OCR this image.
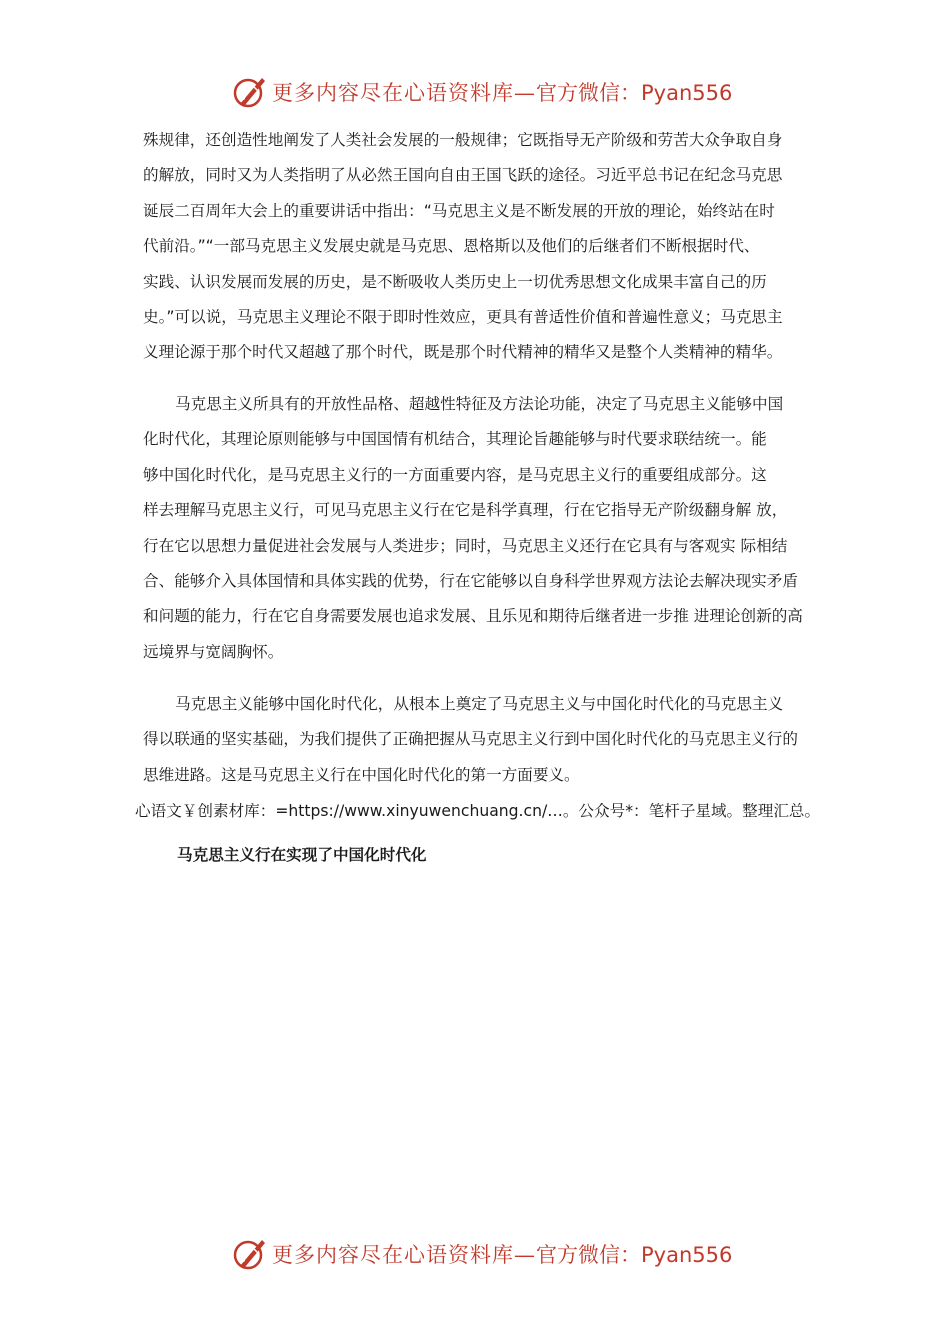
更多内容尽在心语资料库—官方微信：Pyan556
殊规律，还创造性地阐发了人类社会发展的一般规律；它既指导无产阶级和劳苦大众争取自身
的解放，同时又为人类指明了从必然王国向自由王国飞跃的途径。习近平总书记在纪念马克思
诞辰二百周年大会上的重要讲话中指出：“马克思主义是不断发展的开放的理论，始终站在时
代前沿。”“一部马克思主义发展史就是马克思、恩格斯以及他们的后继者们不断根据时代、
实践、认识发展而发展的历史，是不断吸收人类历史上一切优秀思想文化成果丰富自己的历
史。”可以说，马克思主义理论不限于即时性效应，更具有普适性价值和普遍性意义；马克思主
义理论源于那个时代又超越了那个时代，既是那个时代精神的精华又是整个人类精神的精华。
马克思主义所具有的开放性品格、超越性特征及方法论功能，决定了马克思主义能够中国
化时代化，其理论原则能够与中国国情有机结合，其理论旨趣能够与时代要求联结统一。能
够中国化时代化，是马克思主义行的一方面重要内容，是马克思主义行的重要组成部分。这
样去理解马克思主义行，可见马克思主义行在它是科学真理，行在它指导无产阶级翻身解 放，
行在它以思想力量促进社会发展与人类进步；同时，马克思主义还行在它具有与客观实 际相结
合、能够介入具体国情和具体实践的优势，行在它能够以自身科学世界观方法论去解决现实矛盾
和问题的能力，行在它自身需要发展也追求发展、且乐见和期待后继者进一步推 进理论创新的高
远境界与宽阔胸怀。
马克思主义能够中国化时代化，从根本上奠定了马克思主义与中国化时代化的马克思主义
得以联通的坚实基础，为我们提供了正确把握从马克思主义行到中国化时代化的马克思主义行的
思维进路。这是马克思主义行在中国化时代化的第一方面要义。

心语文￥创素材库：=https://www.xinyuwenchuang.cn/…。公众号*：笔杆子星域。整理汇总。

马克思主义行在实现了中国化时代化

更多内容尽在心语资料库—官方微信：Pyan556
